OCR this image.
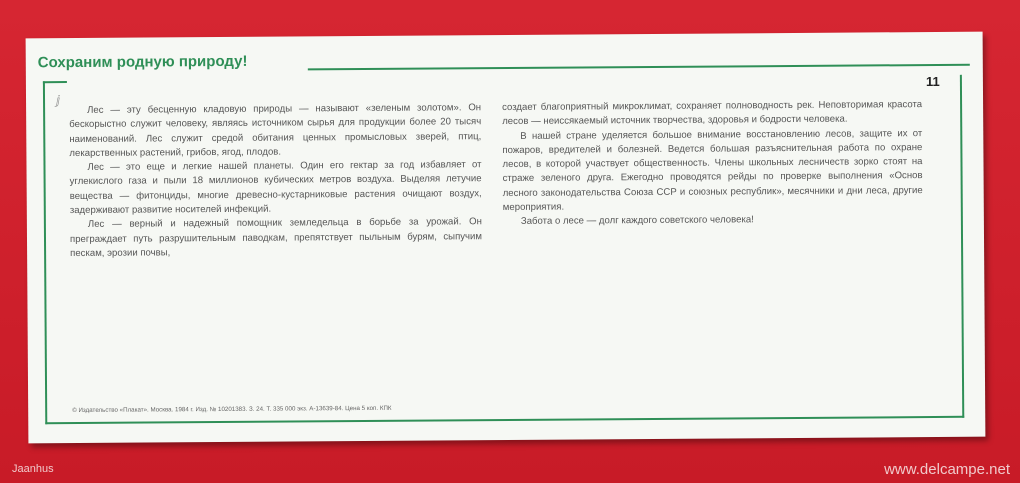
Сохраним родную природу!
11
ⅉ

Лес — эту бесценную кладовую природы — называют «зеленым золотом». Он бескорыстно служит человеку, являясь источником сырья для продукции более 20 тысяч наименований. Лес служит средой обитания ценных промысловых зверей, птиц, лекарственных растений, грибов, ягод, плодов.

Лес — это еще и легкие нашей планеты. Один его гектар за год избавляет от углекислого газа и пыли 18 миллионов кубических метров воздуха. Выделяя летучие вещества — фитонциды, многие древесно-кустарниковые растения очищают воздух, задерживают развитие носителей инфекций.

Лес — верный и надежный помощник земледельца в борьбе за урожай. Он преграждает путь разрушительным паводкам, препятствует пыльным бурям, сыпучим пескам, эрозии почвы,

создает благоприятный микроклимат, сохраняет полноводность рек. Неповторимая красота лесов — неиссякаемый источник творчества, здоровья и бодрости человека.

В нашей стране уделяется большое внимание восстановлению лесов, защите их от пожаров, вредителей и болезней. Ведется большая разъяснительная работа по охране лесов, в которой участвует общественность. Члены школьных лесничеств зорко стоят на страже зеленого друга. Ежегодно проводятся рейды по проверке выполнения «Основ лесного законодательства Союза ССР и союзных республик», месячники и дни леса, другие мероприятия.

Забота о лесе — долг каждого советского человека!

© Издательство «Плакат». Москва. 1984 г. Изд. № 10201383. З. 24. Т. 335 000 экз. А-13639-84. Цена 5 коп. КПК
Jaanhus	www.delcampe.net
